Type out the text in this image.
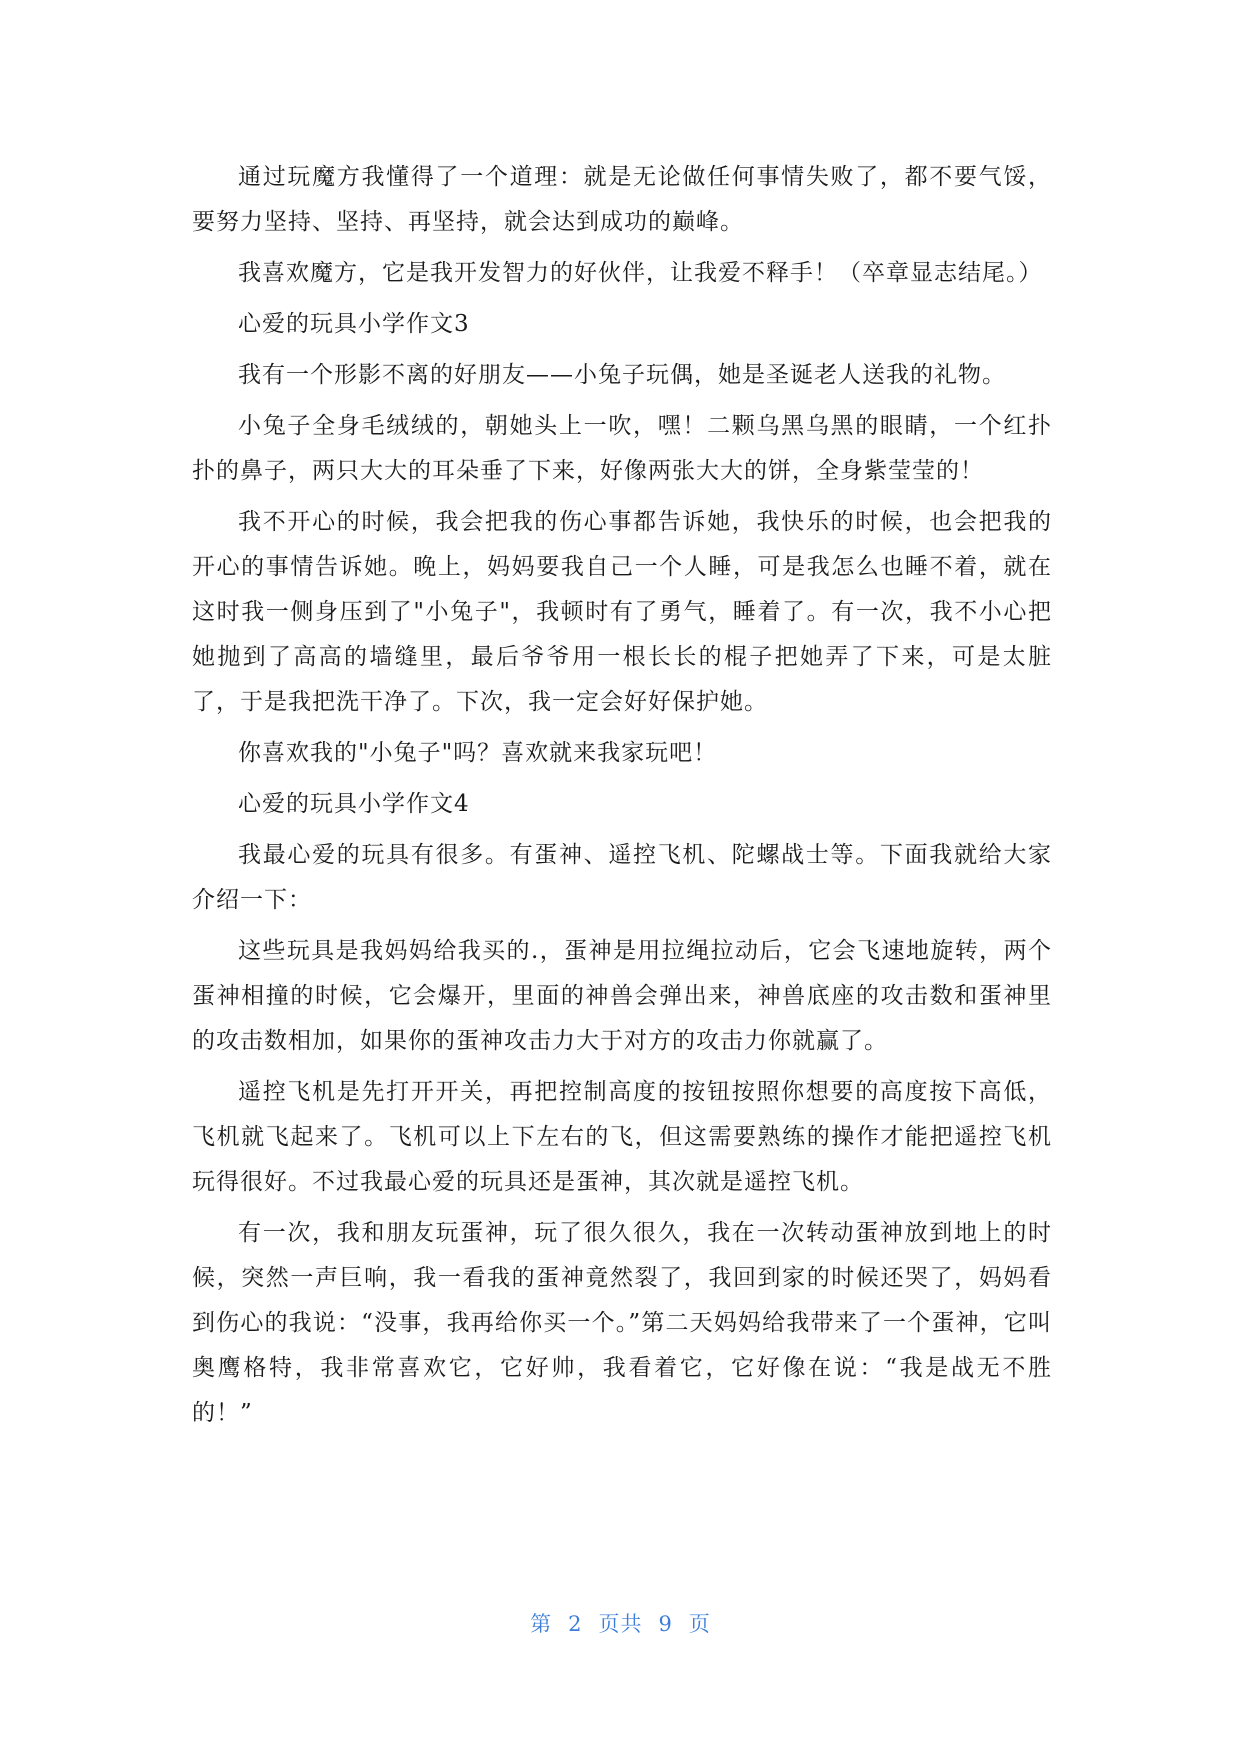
通过玩魔方我懂得了一个道理：就是无论做任何事情失败了，都不要气馁，要努力坚持、坚持、再坚持，就会达到成功的巅峰。

我喜欢魔方，它是我开发智力的好伙伴，让我爱不释手！（卒章显志结尾。）

心爱的玩具小学作文3

我有一个形影不离的好朋友——小兔子玩偶，她是圣诞老人送我的礼物。

小兔子全身毛绒绒的，朝她头上一吹，嘿！二颗乌黑乌黑的眼睛，一个红扑扑的鼻子，两只大大的耳朵垂了下来，好像两张大大的饼，全身紫莹莹的！

我不开心的时候，我会把我的伤心事都告诉她，我快乐的时候，也会把我的开心的事情告诉她。晚上，妈妈要我自己一个人睡，可是我怎么也睡不着，就在这时我一侧身压到了"小兔子"，我顿时有了勇气，睡着了。有一次，我不小心把她抛到了高高的墙缝里，最后爷爷用一根长长的棍子把她弄了下来，可是太脏了，于是我把洗干净了。下次，我一定会好好保护她。

你喜欢我的"小兔子"吗？喜欢就来我家玩吧！

心爱的玩具小学作文4

我最心爱的玩具有很多。有蛋神、遥控飞机、陀螺战士等。下面我就给大家介绍一下：

这些玩具是我妈妈给我买的.，蛋神是用拉绳拉动后，它会飞速地旋转，两个蛋神相撞的时候，它会爆开，里面的神兽会弹出来，神兽底座的攻击数和蛋神里的攻击数相加，如果你的蛋神攻击力大于对方的攻击力你就赢了。

遥控飞机是先打开开关，再把控制高度的按钮按照你想要的高度按下高低，飞机就飞起来了。飞机可以上下左右的飞，但这需要熟练的操作才能把遥控飞机玩得很好。不过我最心爱的玩具还是蛋神，其次就是遥控飞机。

有一次，我和朋友玩蛋神，玩了很久很久，我在一次转动蛋神放到地上的时候，突然一声巨响，我一看我的蛋神竟然裂了，我回到家的时候还哭了，妈妈看到伤心的我说：“没事，我再给你买一个。”第二天妈妈给我带来了一个蛋神，它叫奥鹰格特，我非常喜欢它，它好帅，我看着它，它好像在说：“我是战无不胜的！”

第 2 页共 9 页
